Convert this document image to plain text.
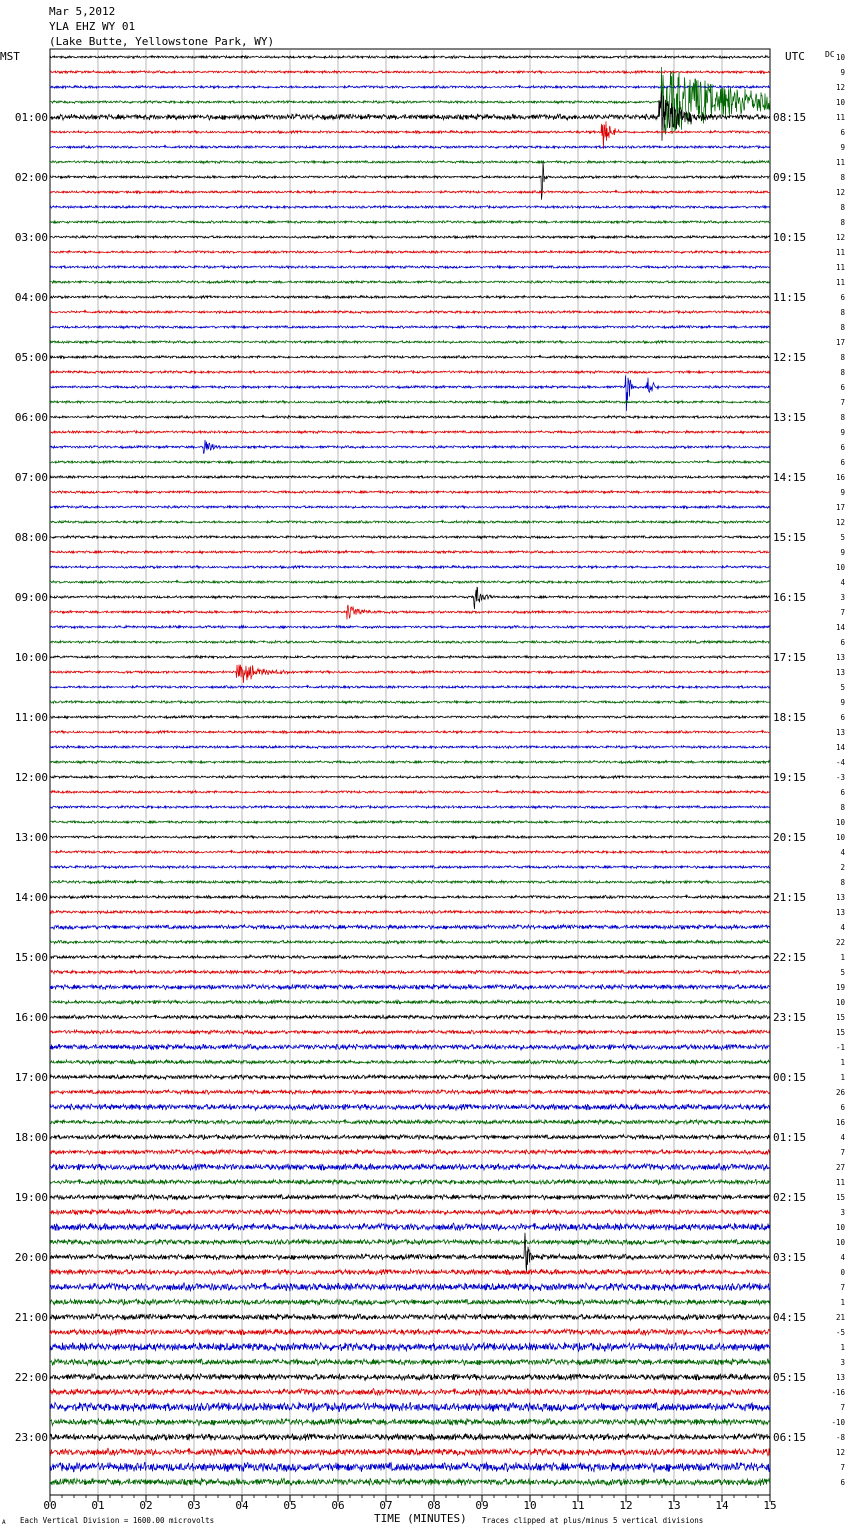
Mar 5,2012
YLA EHZ WY 01
(Lake Butte, Yellowstone Park, WY)
MST	UTC	DC
00	01	02	03	04	05	06	07	08	09	10	11	12	13	14	15
10
9
12
10
11
6
9
11
8
12
8
8
12
11
11
11
6
8
8
17
8
8
6
7
8
9
6
6
16
9
17
12
5
9
10
4
3
7
14
6
13
13
5
9
6
13
14
-4
-3
6
8
10
10
4
2
8
13
13
4
22
1
5
19
10
15
15
-1
1
1
26
6
16
4
7
27
11
15
3
10
10
4
0
7
1
21
-5
1
3
13
-16
7
-10
-8
12
7
6
01:00
02:00
03:00
04:00
05:00
06:00
07:00
08:00
09:00
10:00
11:00
12:00
13:00
14:00
15:00
16:00
17:00
18:00
19:00
20:00
21:00
22:00
23:00
08:15
09:15
10:15
11:15
12:15
13:15
14:15
15:15
16:15
17:15
18:15
19:15
20:15
21:15
22:15
23:15
00:15
01:15
02:15
03:15
04:15
05:15
06:15
A Each Vertical Division = 1600.00 microvolts	TIME (MINUTES) Traces clipped at plus/minus 5 vertical divisions
